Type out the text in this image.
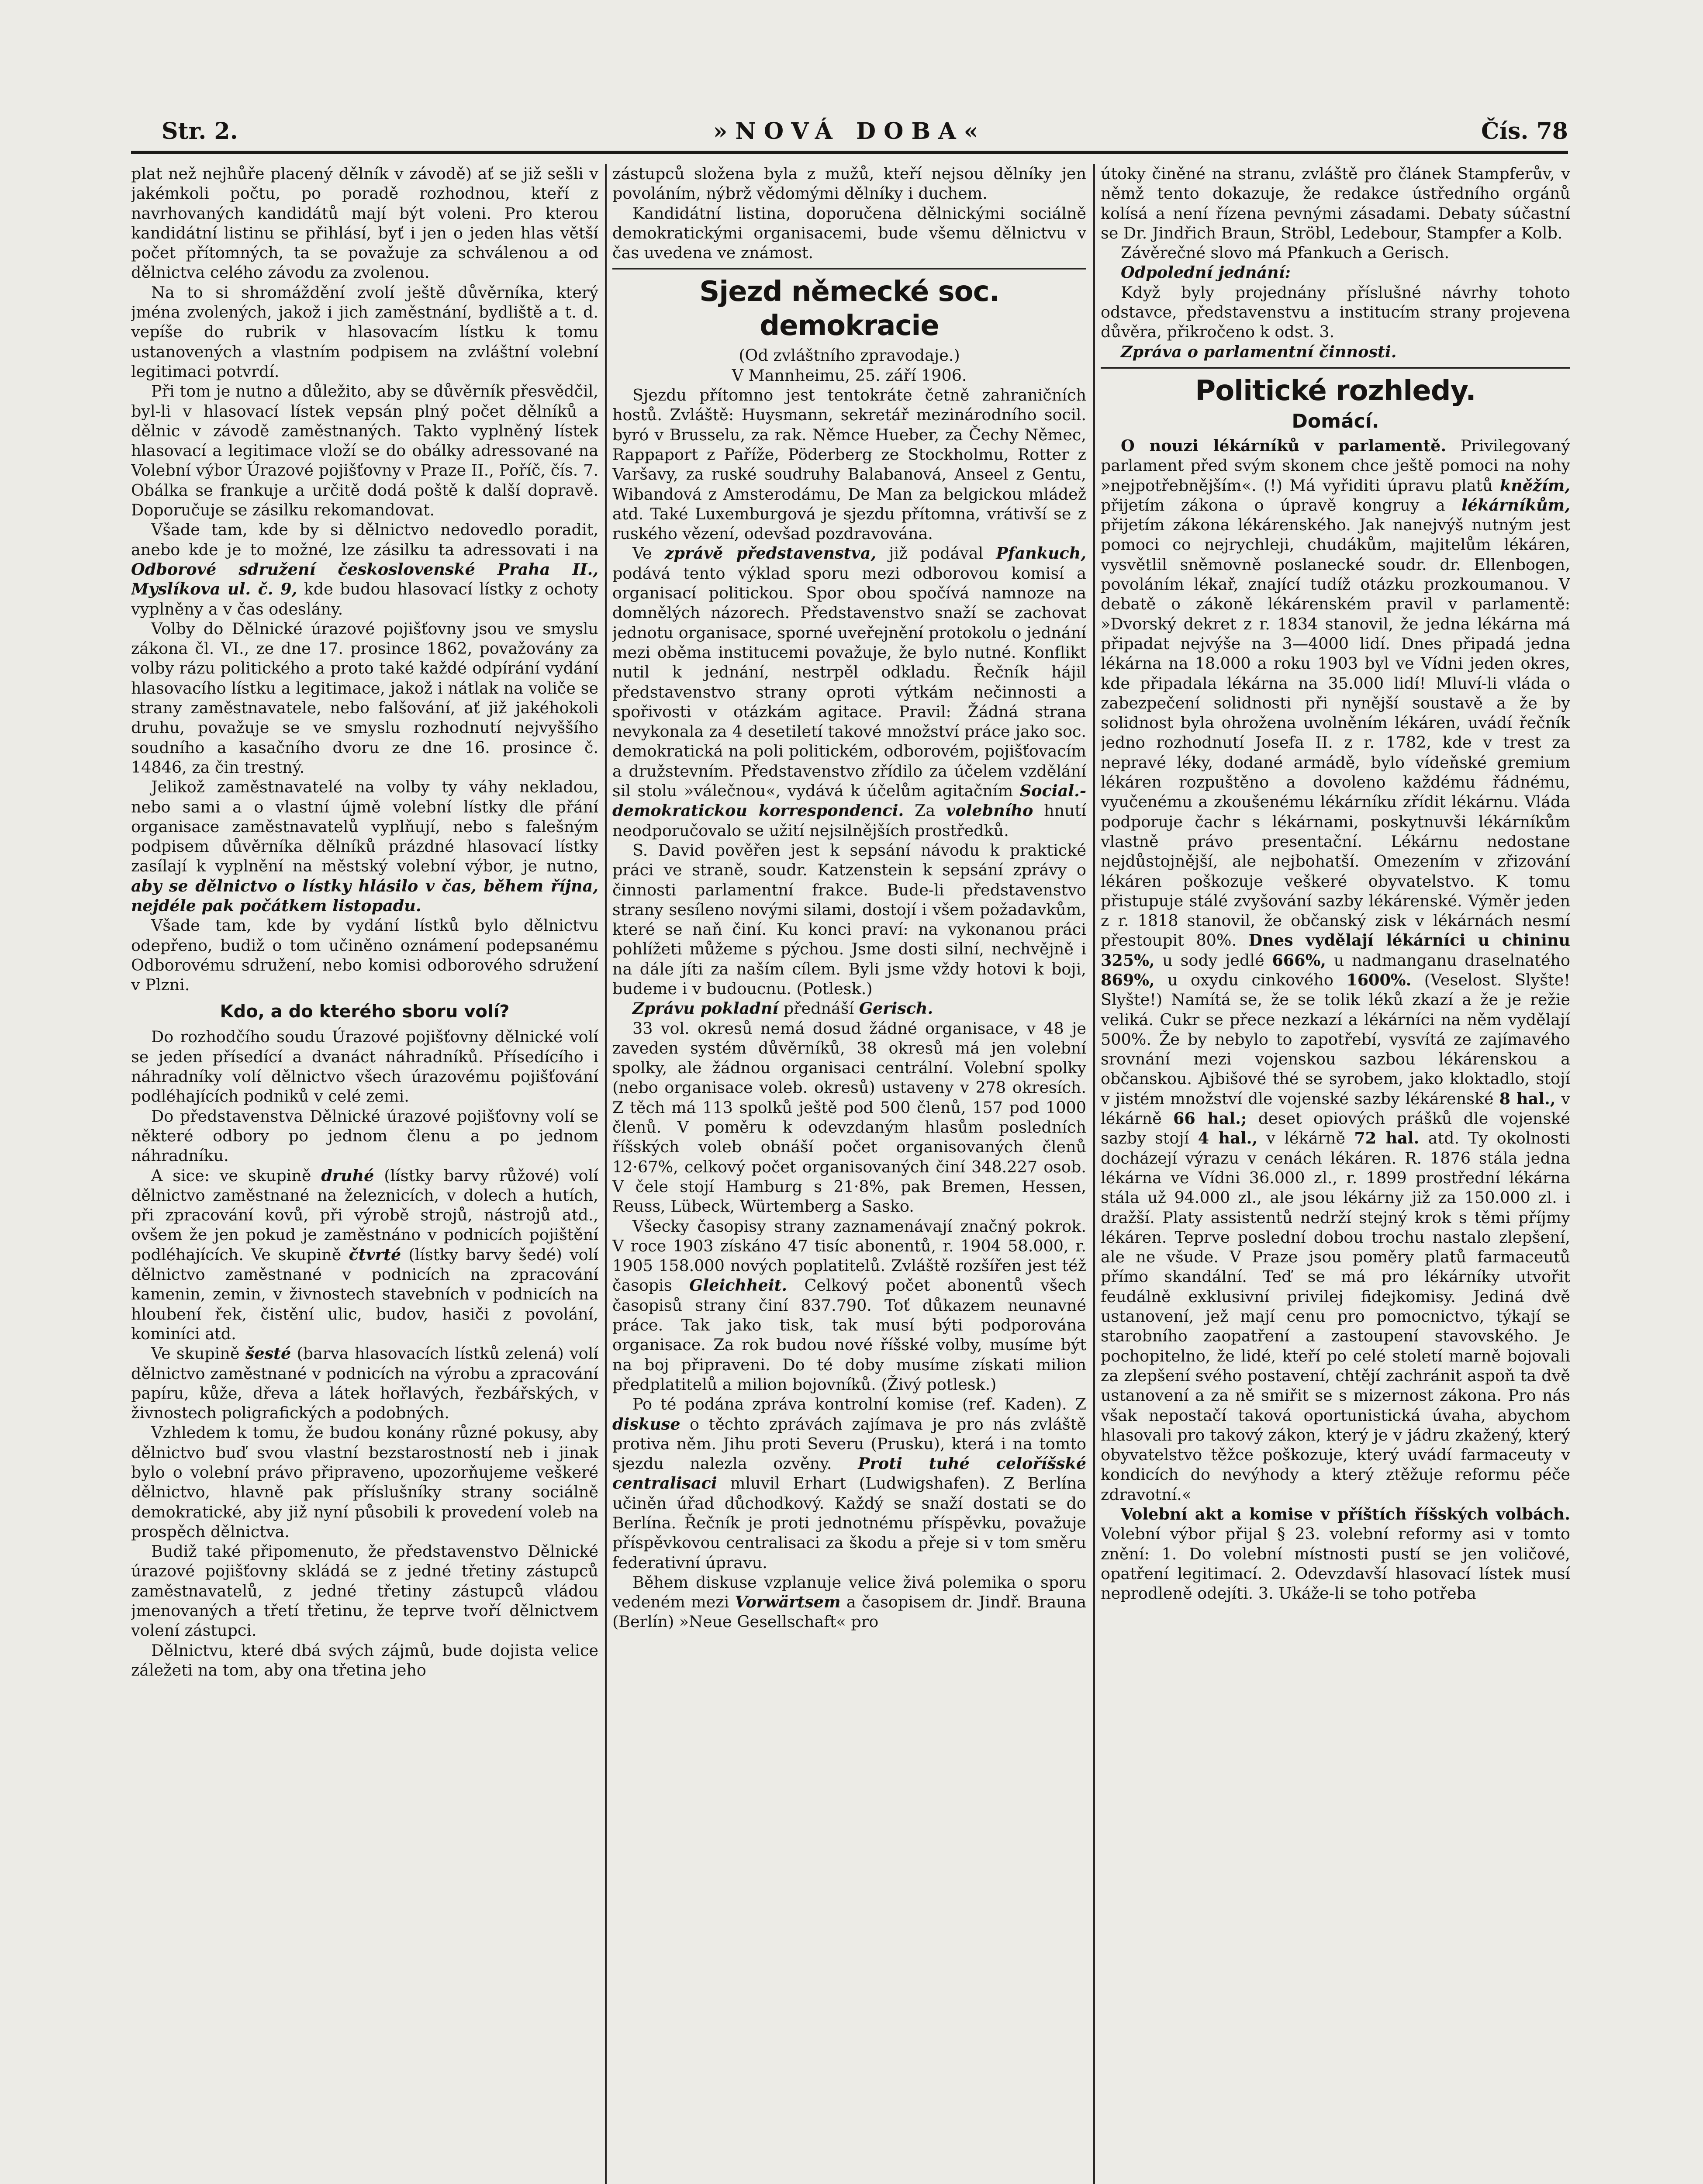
Str. 2.	»NOVÁ DOBA«	Čís. 78

plat než nejhůře placený dělník v závodě) ať se již sešli v jakémkoli počtu, po poradě rozhodnou, kteří z navrhovaných kandidátů mají být voleni. Pro kterou kandidátní listinu se přihlásí, byť i jen o jeden hlas větší počet přítomných, ta se považuje za schválenou a od dělnictva celého závodu za zvolenou.

Na to si shromáždění zvolí ještě důvěrníka, který jména zvolených, jakož i jich zaměstnání, bydliště a t. d. vepíše do rubrik v hlasovacím lístku k tomu ustanovených a vlastním podpisem na zvláštní volební legitimaci potvrdí.

Při tom je nutno a důležito, aby se důvěrník přesvědčil, byl-li v hlasovací lístek vepsán plný počet dělníků a dělnic v závodě zaměstnaných. Takto vyplněný lístek hlasovací a legitimace vloží se do obálky adressované na Volební výbor Úrazové pojišťovny v Praze II., Poříč, čís. 7. Obálka se frankuje a určitě dodá poště k další dopravě. Doporučuje se zásilku rekomandovat.

Všade tam, kde by si dělnictvo nedovedlo poradit, anebo kde je to možné, lze zásilku ta adressovati i na Odborové sdružení československé Praha II., Myslíkova ul. č. 9, kde budou hlasovací lístky z ochoty vyplněny a v čas odeslány.

Volby do Dělnické úrazové pojišťovny jsou ve smyslu zákona čl. VI., ze dne 17. prosince 1862, považovány za volby rázu politického a proto také každé odpírání vydání hlasovacího lístku a legitimace, jakož i nátlak na voliče se strany zaměstnavatele, nebo falšování, ať již jakéhokoli druhu, považuje se ve smyslu rozhodnutí nejvyššího soudního a kasačního dvoru ze dne 16. prosince č. 14846, za čin trestný.

Jelikož zaměstnavatelé na volby ty váhy nekladou, nebo sami a o vlastní újmě volební lístky dle přání organisace zaměstnavatelů vyplňují, nebo s falešným podpisem důvěrníka dělníků prázdné hlasovací lístky zasílají k vyplnění na městský volební výbor, je nutno, aby se dělnictvo o lístky hlásilo v čas, během října, nejdéle pak počátkem listopadu.

Všade tam, kde by vydání lístků bylo dělnictvu odepřeno, budiž o tom učiněno oznámení podepsanému Odborovému sdružení, nebo komisi odborového sdružení v Plzni.

Kdo, a do kterého sboru volí?

Do rozhodčího soudu Úrazové pojišťovny dělnické volí se jeden přísedící a dvanáct náhradníků. Přísedícího i náhradníky volí dělnictvo všech úrazovému pojišťování podléhajících podniků v celé zemi.

Do představenstva Dělnické úrazové pojišťovny volí se některé odbory po jednom členu a po jednom náhradníku.

A sice: ve skupině druhé (lístky barvy růžové) volí dělnictvo zaměstnané na železnicích, v dolech a hutích, při zpracování kovů, při výrobě strojů, nástrojů atd., ovšem že jen pokud je zaměstnáno v podnicích pojištění podléhajících. Ve skupině čtvrté (lístky barvy šedé) volí dělnictvo zaměstnané v podnicích na zpracování kamenin, zemin, v živnostech stavebních v podnicích na hloubení řek, čistění ulic, budov, hasiči z povolání, kominíci atd.

Ve skupině šesté (barva hlasovacích lístků zelená) volí dělnictvo zaměstnané v podnicích na výrobu a zpracování papíru, kůže, dřeva a látek hořlavých, řezbářských, v živnostech poligrafických a podobných.

Vzhledem k tomu, že budou konány různé pokusy, aby dělnictvo buď svou vlastní bezstarostností neb i jinak bylo o volební právo připraveno, upozorňujeme veškeré dělnictvo, hlavně pak příslušníky strany sociálně demokratické, aby již nyní působili k provedení voleb na prospěch dělnictva.

Budiž také připomenuto, že představenstvo Dělnické úrazové pojišťovny skládá se z jedné třetiny zástupců zaměstnavatelů, z jedné třetiny zástupců vládou jmenovaných a třetí třetinu, že teprve tvoří dělnictvem volení zástupci.

Dělnictvu, které dbá svých zájmů, bude dojista velice záležeti na tom, aby ona třetina jeho

zástupců složena byla z mužů, kteří nejsou dělníky jen povoláním, nýbrž vědomými dělníky i duchem.

Kandidátní listina, doporučena dělnickými sociálně demokratickými organisacemi, bude všemu dělnictvu v čas uvedena ve známost.

Sjezd německé soc. demokracie

(Od zvláštního zpravodaje.)

V Mannheimu, 25. září 1906.

Sjezdu přítomno jest tentokráte četně zahraničních hostů. Zvláště: Huysmann, sekretář mezinárodního socil. byró v Brusselu, za rak. Němce Hueber, za Čechy Němec, Rappaport z Paříže, Pöderberg ze Stockholmu, Rotter z Varšavy, za ruské soudruhy Balabanová, Anseel z Gentu, Wibandová z Amsterodámu, De Man za belgickou mládež atd. Také Luxemburgová je sjezdu přítomna, vrátivší se z ruského vězení, odevšad pozdravována.

Ve zprávě představenstva, již podával Pfankuch, podává tento výklad sporu mezi odborovou komisí a organisací politickou. Spor obou spočívá namnoze na domnělých názorech. Představenstvo snaží se zachovat jednotu organisace, sporné uveřejnění protokolu o jednání mezi oběma institucemi považuje, že bylo nutné. Konflikt nutil k jednání, nestrpěl odkladu. Řečník hájil představenstvo strany oproti výtkám nečinnosti a spořivosti v otázkám agitace. Pravil: Žádná strana nevykonala za 4 desetiletí takové množství práce jako soc. demokratická na poli politickém, odborovém, pojišťovacím a družstevním. Představenstvo zřídilo za účelem vzdělání sil stolu »válečnou«, vydává k účelům agitačním Social.-demokratickou korrespondenci. Za volebního hnutí neodporučovalo se užití nejsilnějších prostředků.

S. David pověřen jest k sepsání návodu k praktické práci ve straně, soudr. Katzenstein k sepsání zprávy o činnosti parlamentní frakce. Bude-li představenstvo strany sesíleno novými silami, dostojí i všem požadavkům, které se naň činí. Ku konci praví: na vykonanou práci pohlížeti můžeme s pýchou. Jsme dosti silní, nechvějně i na dále jíti za naším cílem. Byli jsme vždy hotovi k boji, budeme i v budoucnu. (Potlesk.)

Zprávu pokladní přednáší Gerisch.

33 vol. okresů nemá dosud žádné organisace, v 48 je zaveden systém důvěrníků, 38 okresů má jen volební spolky, ale žádnou organisaci centrální. Volební spolky (nebo organisace voleb. okresů) ustaveny v 278 okresích. Z těch má 113 spolků ještě pod 500 členů, 157 pod 1000 členů. V poměru k odevzdaným hlasům posledních říšských voleb obnáší počet organisovaných členů 12·67%, celkový počet organisovaných činí 348.227 osob. V čele stojí Hamburg s 21·8%, pak Bremen, Hessen, Reuss, Lübeck, Würtemberg a Sasko.

Všecky časopisy strany zaznamenávají značný pokrok. V roce 1903 získáno 47 tisíc abonentů, r. 1904 58.000, r. 1905 158.000 nových poplatitelů. Zvláště rozšířen jest též časopis Gleichheit. Celkový počet abonentů všech časopisů strany činí 837.790. Toť důkazem neunavné práce. Tak jako tisk, tak musí býti podporována organisace. Za rok budou nové říšské volby, musíme být na boj připraveni. Do té doby musíme získati milion předplatitelů a milion bojovníků. (Živý potlesk.)

Po té podána zpráva kontrolní komise (ref. Kaden). Z diskuse o těchto zprávách zajímava je pro nás zvláště protiva něm. Jihu proti Severu (Prusku), která i na tomto sjezdu nalezla ozvěny. Proti tuhé celoříšské centralisaci mluvil Erhart (Ludwigshafen). Z Berlína učiněn úřad důchodkový. Každý se snaží dostati se do Berlína. Řečník je proti jednotnému příspěvku, považuje příspěvkovou centralisaci za škodu a přeje si v tom směru federativní úpravu.

Během diskuse vzplanuje velice živá polemika o sporu vedeném mezi Vorwärtsem a časopisem dr. Jindř. Brauna (Berlín) »Neue Gesellschaft« pro

útoky činěné na stranu, zvláště pro článek Stampferův, v němž tento dokazuje, že redakce ústředního orgánů kolísá a není řízena pevnými zásadami. Debaty súčastní se Dr. Jindřich Braun, Ströbl, Ledebour, Stampfer a Kolb.

Závěrečné slovo má Pfankuch a Gerisch.

Odpolední jednání:

Když byly projednány příslušné návrhy tohoto odstavce, představenstvu a institucím strany projevena důvěra, přikročeno k odst. 3.

Zpráva o parlamentní činnosti.

Politické rozhledy.
Domácí.

O nouzi lékárníků v parlamentě. Privilegovaný parlament před svým skonem chce ještě pomoci na nohy »nejpotřebnějším«. (!) Má vyřiditi úpravu platů kněžím, přijetím zákona o úpravě kongruy a lékárníkům, přijetím zákona lékárenského. Jak nanejvýš nutným jest pomoci co nejrychleji, chudákům, majitelům lékáren, vysvětlil sněmovně poslanecké soudr. dr. Ellenbogen, povoláním lékař, znající tudíž otázku prozkoumanou. V debatě o zákoně lékárenském pravil v parlamentě: »Dvorský dekret z r. 1834 stanovil, že jedna lékárna má připadat nejvýše na 3—4000 lidí. Dnes připadá jedna lékárna na 18.000 a roku 1903 byl ve Vídni jeden okres, kde připadala lékárna na 35.000 lidí! Mluví-li vláda o zabezpečení solidnosti při nynější soustavě a že by solidnost byla ohrožena uvolněním lékáren, uvádí řečník jedno rozhodnutí Josefa II. z r. 1782, kde v trest za nepravé léky, dodané armádě, bylo vídeňské gremium lékáren rozpuštěno a dovoleno každému řádnému, vyučenému a zkoušenému lékárníku zřídit lékárnu. Vláda podporuje čachr s lékárnami, poskytnuvši lékárníkům vlastně právo presentační. Lékárnu nedostane nejdůstojnější, ale nejbohatší. Omezením v zřizování lékáren poškozuje veškeré obyvatelstvo. K tomu přistupuje stálé zvyšování sazby lékárenské. Výměr jeden z r. 1818 stanovil, že občanský zisk v lékárnách nesmí přestoupit 80%. Dnes vydělají lékárníci u chininu 325%, u sody jedlé 666%, u nadmanganu draselnatého 869%, u oxydu cinkového 1600%. (Veselost. Slyšte! Slyšte!) Namítá se, že se tolik léků zkazí a že je režie veliká. Cukr se přece nezkazí a lékárníci na něm vydělají 500%. Že by nebylo to zapotřebí, vysvítá ze zajímavého srovnání mezi vojenskou sazbou lékárenskou a občanskou. Ajbišové thé se syrobem, jako kloktadlo, stojí v jistém množství dle vojenské sazby lékárenské 8 hal., v lékárně 66 hal.; deset opiových prášků dle vojenské sazby stojí 4 hal., v lékárně 72 hal. atd. Ty okolnosti docházejí výrazu v cenách lékáren. R. 1876 stála jedna lékárna ve Vídni 36.000 zl., r. 1899 prostřední lékárna stála už 94.000 zl., ale jsou lékárny již za 150.000 zl. i dražší. Platy assistentů nedrží stejný krok s těmi příjmy lékáren. Teprve poslední dobou trochu nastalo zlepšení, ale ne všude. V Praze jsou poměry platů farmaceutů přímo skandální. Teď se má pro lékárníky utvořit feudálně exklusivní privilej fidejkomisy. Jediná dvě ustanovení, jež mají cenu pro pomocnictvo, týkají se starobního zaopatření a zastoupení stavovského. Je pochopitelno, že lidé, kteří po celé století marně bojovali za zlepšení svého postavení, chtějí zachránit aspoň ta dvě ustanovení a za ně smiřit se s mizernost zákona. Pro nás však nepostačí taková oportunistická úvaha, abychom hlasovali pro takový zákon, který je v jádru zkažený, který obyvatelstvo těžce poškozuje, který uvádí farmaceuty v kondicích do nevýhody a který ztěžuje reformu péče zdravotní.«

Volební akt a komise v příštích říšských volbách. Volební výbor přijal § 23. volební reformy asi v tomto znění: 1. Do volební místnosti pustí se jen voličové, opatření legitimací. 2. Odevzdavší hlasovací lístek musí neprodleně odejíti. 3. Ukáže-li se toho potřeba
